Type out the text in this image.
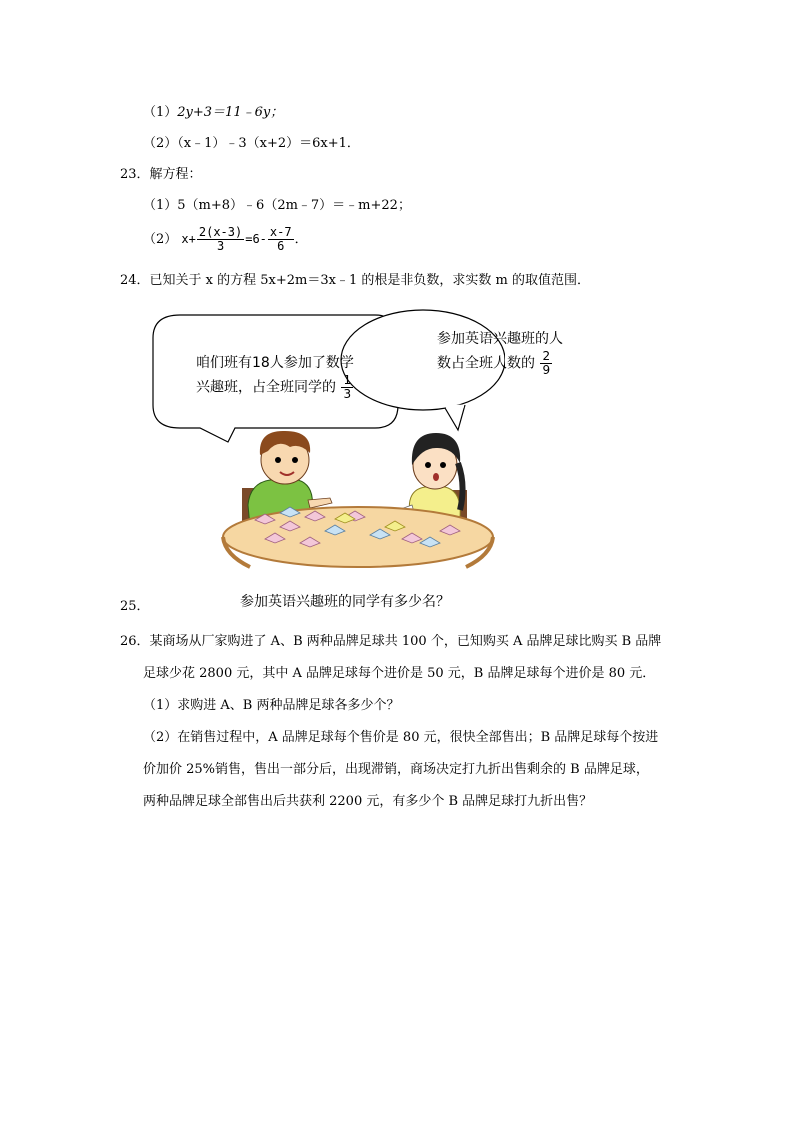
（1）2y+3＝11﹣6y；
（2）（x﹣1）﹣3（x+2）＝6x+1．
23．解方程：
（1）5（m+8）﹣6（2m﹣7）＝﹣m+22；
（2） $x+ \frac{2(x-3)}{3} =6- \frac{x-7}{6}$ ．
24．已知关于 x 的方程 5x+2m＝3x﹣1 的根是非负数，求实数 m 的取值范围．
咱们班有18人参加了数学
兴趣班，占全班同学的 $\frac{1}{3}$
参加英语兴趣班的人
数占全班人数的 $\frac{2}{9}$
25．	参加英语兴趣班的同学有多少名？
26．某商场从厂家购进了 A、B 两种品牌足球共 100 个，已知购买 A 品牌足球比购买 B 品牌
足球少花 2800 元，其中 A 品牌足球每个进价是 50 元，B 品牌足球每个进价是 80 元．
（1）求购进 A、B 两种品牌足球各多少个？
（2）在销售过程中，A 品牌足球每个售价是 80 元，很快全部售出；B 品牌足球每个按进
价加价 25%销售，售出一部分后，出现滞销，商场决定打九折出售剩余的 B 品牌足球，
两种品牌足球全部售出后共获利 2200 元，有多少个 B 品牌足球打九折出售？
